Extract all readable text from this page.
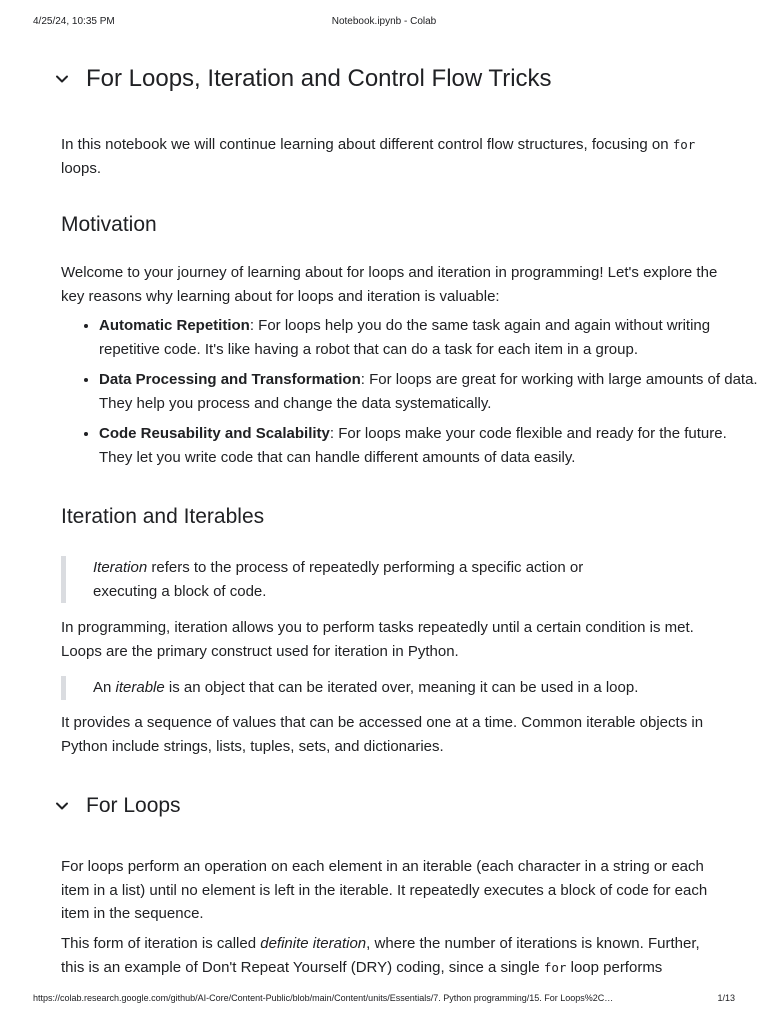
4/25/24, 10:35 PM	Notebook.ipynb - Colab
For Loops, Iteration and Control Flow Tricks

In this notebook we will continue learning about different control flow structures, focusing on for loops.

Motivation

Welcome to your journey of learning about for loops and iteration in programming! Let's explore the key reasons why learning about for loops and iteration is valuable:

• Automatic Repetition: For loops help you do the same task again and again without writing repetitive code. It's like having a robot that can do a task for each item in a group.
• Data Processing and Transformation: For loops are great for working with large amounts of data. They help you process and change the data systematically.
• Code Reusability and Scalability: For loops make your code flexible and ready for the future. They let you write code that can handle different amounts of data easily.
Iteration and Iterables
Iteration refers to the process of repeatedly performing a specific action or
executing a block of code.

In programming, iteration allows you to perform tasks repeatedly until a certain condition is met. Loops are the primary construct used for iteration in Python.

An iterable is an object that can be iterated over, meaning it can be used in a loop.

It provides a sequence of values that can be accessed one at a time. Common iterable objects in Python include strings, lists, tuples, sets, and dictionaries.

For Loops

For loops perform an operation on each element in an iterable (each character in a string or each item in a list) until no element is left in the iterable. It repeatedly executes a block of code for each item in the sequence.

This form of iteration is called definite iteration, where the number of iterations is known. Further, this is an example of Don't Repeat Yourself (DRY) coding, since a single for loop performs

https://colab.research.google.com/github/AI-Core/Content-Public/blob/main/Content/units/Essentials/7. Python programming/15. For Loops%2C…	1/13
